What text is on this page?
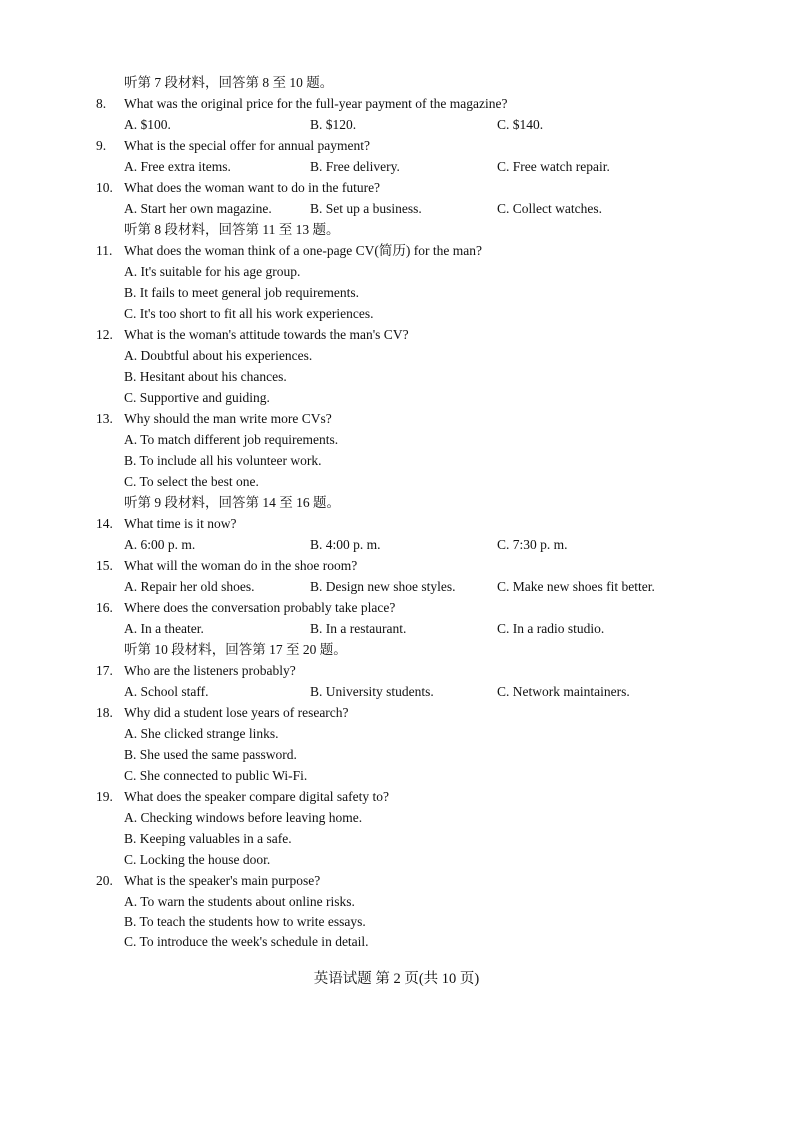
听第 7 段材料，回答第 8 至 10 题。
8. What was the original price for the full-year payment of the magazine?
A. $100.	B. $120.	C. $140.
9. What is the special offer for annual payment?
A. Free extra items.	B. Free delivery.	C. Free watch repair.
10. What does the woman want to do in the future?
A. Start her own magazine.	B. Set up a business.	C. Collect watches.
听第 8 段材料，回答第 11 至 13 题。
11. What does the woman think of a one-page CV(简历) for the man?
A. It's suitable for his age group.
B. It fails to meet general job requirements.
C. It's too short to fit all his work experiences.
12. What is the woman's attitude towards the man's CV?
A. Doubtful about his experiences.
B. Hesitant about his chances.
C. Supportive and guiding.
13. Why should the man write more CVs?
A. To match different job requirements.
B. To include all his volunteer work.
C. To select the best one.
听第 9 段材料，回答第 14 至 16 题。
14. What time is it now?
A. 6:00 p. m.	B. 4:00 p. m.	C. 7:30 p. m.
15. What will the woman do in the shoe room?
A. Repair her old shoes.	B. Design new shoe styles.	C. Make new shoes fit better.
16. Where does the conversation probably take place?
A. In a theater.	B. In a restaurant.	C. In a radio studio.
听第 10 段材料，回答第 17 至 20 题。
17. Who are the listeners probably?
A. School staff.	B. University students.	C. Network maintainers.
18. Why did a student lose years of research?
A. She clicked strange links.
B. She used the same password.
C. She connected to public Wi-Fi.
19. What does the speaker compare digital safety to?
A. Checking windows before leaving home.
B. Keeping valuables in a safe.
C. Locking the house door.
20. What is the speaker's main purpose?
A. To warn the students about online risks.
B. To teach the students how to write essays.
C. To introduce the week's schedule in detail.
英语试题 第 2 页(共 10 页)
